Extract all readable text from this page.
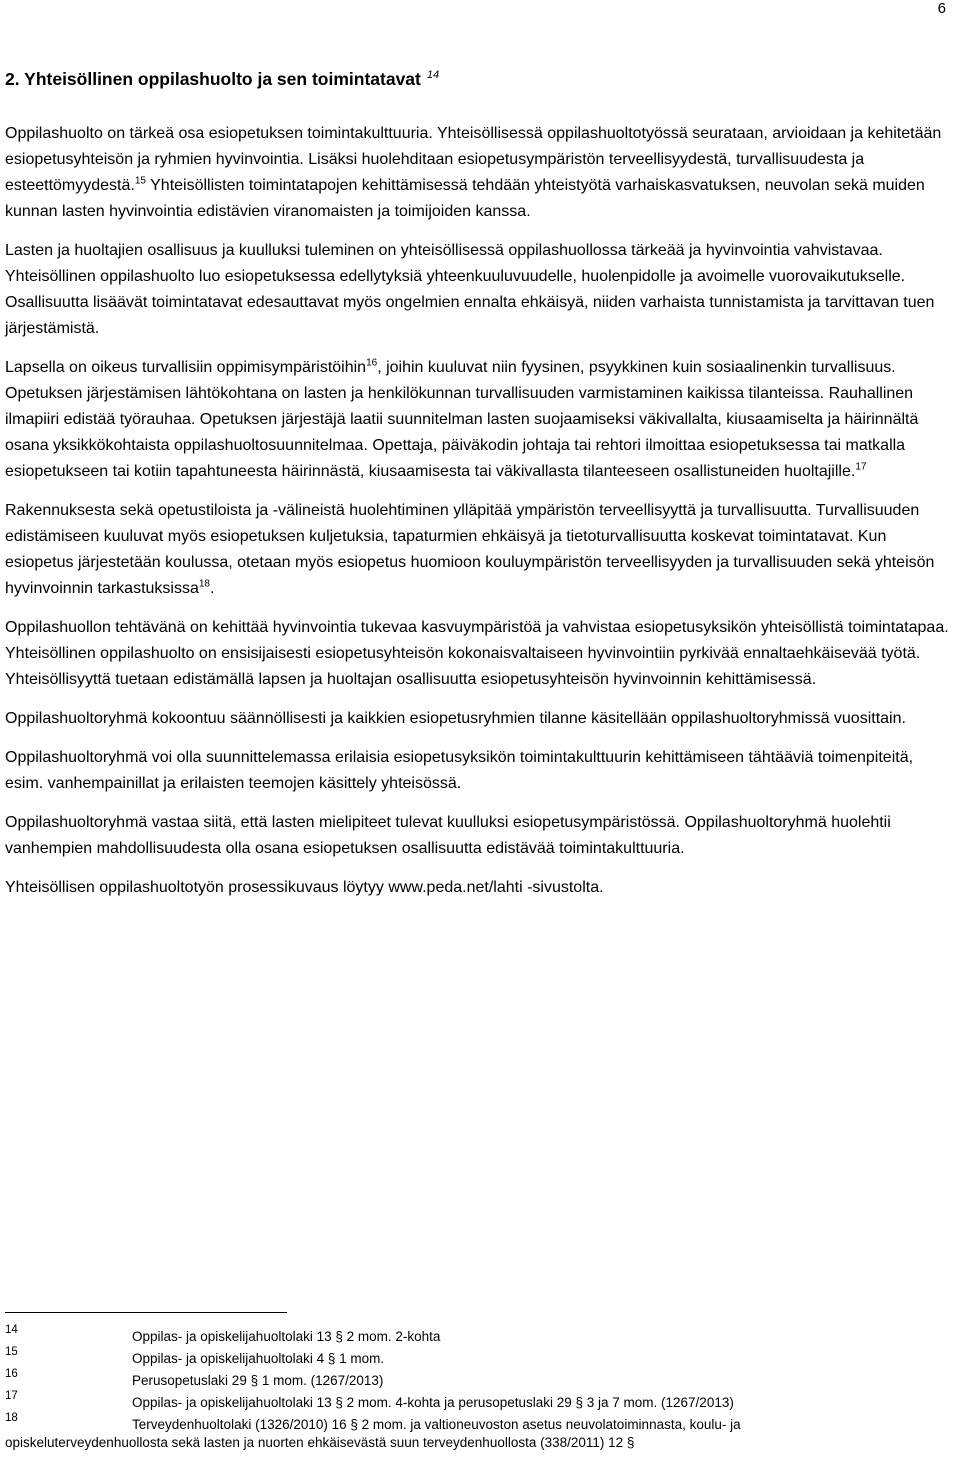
6
2. Yhteisöllinen oppilashuolto ja sen toimintatavat $^{14}$

Oppilashuolto on tärkeä osa esiopetuksen toimintakulttuuria. Yhteisöllisessä oppilashuoltotyössä seurataan, arvioidaan ja kehitetään esiopetusyhteisön ja ryhmien hyvinvointia. Lisäksi huolehditaan esiopetusympäristön terveellisyydestä, turvallisuudesta ja esteettömyydestä.$^{15}$ Yhteisöllisten toimintatapojen kehittämisessä tehdään yhteistyötä varhaiskasvatuksen, neuvolan sekä muiden kunnan lasten hyvinvointia edistävien viranomaisten ja toimijoiden kanssa.

Lasten ja huoltajien osallisuus ja kuulluksi tuleminen on yhteisöllisessä oppilashuollossa tärkeää ja hyvinvointia vahvistavaa. Yhteisöllinen oppilashuolto luo esiopetuksessa edellytyksiä yhteenkuuluvuudelle, huolenpidolle ja avoimelle vuorovaikutukselle. Osallisuutta lisäävät toimintatavat edesauttavat myös ongelmien ennalta ehkäisyä, niiden varhaista tunnistamista ja tarvittavan tuen järjestämistä.

Lapsella on oikeus turvallisiin oppimisympäristöihin$^{16}$, joihin kuuluvat niin fyysinen, psyykkinen kuin sosiaalinenkin turvallisuus. Opetuksen järjestämisen lähtökohtana on lasten ja henkilökunnan turvallisuuden varmistaminen kaikissa tilanteissa. Rauhallinen ilmapiiri edistää työrauhaa. Opetuksen järjestäjä laatii suunnitelman lasten suojaamiseksi väkivallalta, kiusaamiselta ja häirinnältä osana yksikkökohtaista oppilashuoltosuunnitelmaa. Opettaja, päiväkodin johtaja tai rehtori ilmoittaa esiopetuksessa tai matkalla esiopetukseen tai kotiin tapahtuneesta häirinnästä, kiusaamisesta tai väkivallasta tilanteeseen osallistuneiden huoltajille.$^{17}$

Rakennuksesta sekä opetustiloista ja -välineistä huolehtiminen ylläpitää ympäristön terveellisyyttä ja turvallisuutta. Turvallisuuden edistämiseen kuuluvat myös esiopetuksen kuljetuksia, tapaturmien ehkäisyä ja tietoturvallisuutta koskevat toimintatavat. Kun esiopetus järjestetään koulussa, otetaan myös esiopetus huomioon kouluympäristön terveellisyyden ja turvallisuuden sekä yhteisön hyvinvoinnin tarkastuksissa$^{18}$.

Oppilashuollon tehtävänä on kehittää hyvinvointia tukevaa kasvuympäristöä ja vahvistaa esiopetusyksikön yhteisöllistä toimintatapaa. Yhteisöllinen oppilashuolto on ensisijaisesti esiopetusyhteisön kokonaisvaltaiseen hyvinvointiin pyrkivää ennaltaehkäisevää työtä. Yhteisöllisyyttä tuetaan edistämällä lapsen ja huoltajan osallisuutta esiopetusyhteisön hyvinvoinnin kehittämisessä.

Oppilashuoltoryhmä kokoontuu säännöllisesti ja kaikkien esiopetusryhmien tilanne käsitellään oppilashuoltoryhmissä vuosittain.

Oppilashuoltoryhmä voi olla suunnittelemassa erilaisia esiopetusyksikön toimintakulttuurin kehittämiseen tähtääviä toimenpiteitä, esim. vanhempainillat ja erilaisten teemojen käsittely yhteisössä.

Oppilashuoltoryhmä vastaa siitä, että lasten mielipiteet tulevat kuulluksi esiopetusympäristössä. Oppilashuoltoryhmä huolehtii vanhempien mahdollisuudesta olla osana esiopetuksen osallisuutta edistävää toimintakulttuuria.

Yhteisöllisen oppilashuoltotyön prosessikuvaus löytyy www.peda.net/lahti -sivustolta.

14	Oppilas- ja opiskelijahuoltolaki 13 § 2 mom. 2-kohta
15	Oppilas- ja opiskelijahuoltolaki 4 § 1 mom.
16	Perusopetuslaki 29 § 1 mom. (1267/2013)
17	Oppilas- ja opiskelijahuoltolaki 13 § 2 mom. 4-kohta ja perusopetuslaki 29 § 3 ja 7 mom. (1267/2013)
18	Terveydenhuoltolaki (1326/2010) 16 § 2 mom. ja valtioneuvoston asetus neuvolatoiminnasta, koulu- ja
opiskeluterveydenhuollosta sekä lasten ja nuorten ehkäisevästä suun terveydenhuollosta (338/2011) 12 §
